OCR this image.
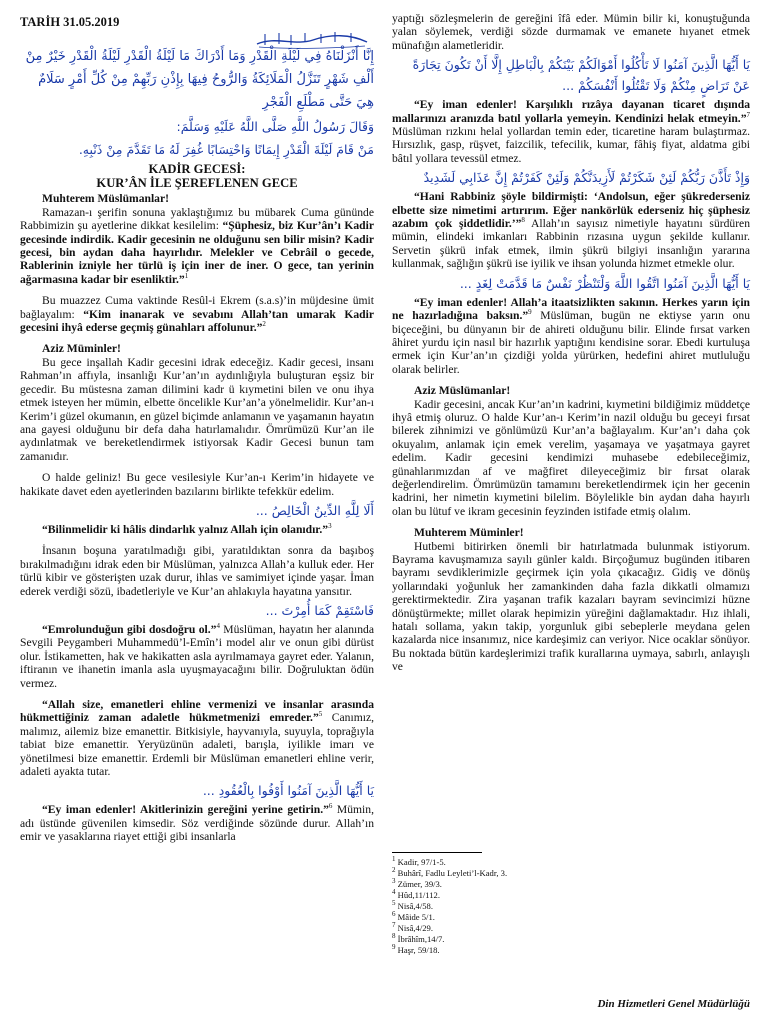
TARİH 31.05.2019

إِنَّا أَنْزَلْنَاهُ فِي لَيْلَةِ الْقَدْرِ وَمَا أَدْرَاكَ مَا لَيْلَةُ الْقَدْرِ لَيْلَةُ الْقَدْرِ خَيْرٌ مِنْ أَلْفِ شَهْرٍ تَنَزَّلُ الْمَلَائِكَةُ وَالرُّوحُ فِيهَا بِإِذْنِ رَبِّهِمْ مِنْ كُلِّ أَمْرٍ سَلَامٌ هِيَ حَتَّى مَطْلَعِ الْفَجْرِ

وَقَالَ رَسُولُ اللَّهِ صَلَّى اللَّهُ عَلَيْهِ وَسَلَّمَ:

مَنْ قَامَ لَيْلَةَ الْقَدْرِ إِيمَانًا وَاحْتِسَابًا غُفِرَ لَهُ مَا تَقَدَّمَ مِنْ ذَنْبِهِ.

KADİR GECESİ:

KUR’ÂN İLE ŞEREFLENEN GECE

Muhterem Müslümanlar!

Ramazan-ı şerifin sonuna yaklaştığımız bu mübarek Cuma gününde Rabbimizin şu ayetlerine dikkat kesilelim: “Şüphesiz, biz Kur’ân’ı Kadir gecesinde indirdik. Kadir gecesinin ne olduğunu sen bilir misin? Kadir gecesi, bin aydan daha hayırlıdır. Melekler ve Cebrâil o gecede, Rablerinin izniyle her türlü iş için iner de iner. O gece, tan yerinin ağarmasına kadar bir esenliktir.”$^1$

Bu muazzez Cuma vaktinde Resûl-i Ekrem (s.a.s)’in müjdesine ümit bağlayalım: “Kim inanarak ve sevabını Allah’tan umarak Kadir gecesini ihyâ ederse geçmiş günahları affolunur.”$^2$

Aziz Müminler!

Bu gece inşallah Kadir gecesini idrak edeceğiz. Kadir gecesi, insanı Rahman’ın affıyla, insanlığı Kur’an’ın aydınlığıyla buluşturan eşsiz bir gecedir. Bu müstesna zaman dilimini kadr ü kıymetini bilen ve onu ihya etmek isteyen her mümin, elbette öncelikle Kur’an’a yönelmelidir. Kur’an-ı Kerim’i güzel okumanın, en güzel biçimde anlamanın ve yaşamanın hayatın ana gayesi olduğunu bir defa daha hatırlamalıdır. Ömrümüzü Kur’an ile aydınlatmak ve bereketlendirmek istiyorsak Kadir Gecesi bunun tam zamanıdır.

O halde geliniz! Bu gece vesilesiyle Kur’an-ı Kerim’in hidayete ve hakikate davet eden ayetlerinden bazılarını birlikte tefekkür edelim.

أَلَا لِلَّهِ الدِّينُ الْخَالِصُ ...

“Bilinmelidir ki hâlis dindarlık yalnız Allah için olanıdır.”$^3$

İnsanın boşuna yaratılmadığı gibi, yaratıldıktan sonra da başıboş bırakılmadığını idrak eden bir Müslüman, yalnızca Allah’a kulluk eder. Her türlü kibir ve gösterişten uzak durur, ihlas ve samimiyet içinde yaşar. İman ederek verdiği sözü, ibadetleriyle ve Kur’an ahlakıyla hayatına yansıtır.

فَاسْتَقِمْ كَمَا أُمِرْتَ ...

“Emrolunduğun gibi dosdoğru ol.”$^4$ Müslüman, hayatın her alanında Sevgili Peygamberi Muhammedü’l-Emîn’i model alır ve onun gibi dürüst olur. İstikametten, hak ve hakikatten asla ayrılmamaya gayret eder. Yalanın, iftiranın ve ihanetin imanla asla uyuşmayacağını bilir. Doğruluktan ödün vermez.

“Allah size, emanetleri ehline vermenizi ve insanlar arasında hükmettiğiniz zaman adaletle hükmetmenizi emreder.”$^5$ Canımız, malımız, ailemiz bize emanettir. Bitkisiyle, hayvanıyla, suyuyla, toprağıyla tabiat bize emanettir. Yeryüzünün adaleti, barışla, iyilikle imarı ve yönetilmesi bize emanettir. Erdemli bir Müslüman emanetleri ehline verir, adaleti ayakta tutar.

يَا أَيُّهَا الَّذِينَ آمَنُوا أَوْفُوا بِالْعُقُودِ ...

“Ey iman edenler! Akitlerinizin gereğini yerine getirin.”$^6$ Mümin, adı üstünde güvenilen kimsedir. Söz verdiğinde sözünde durur. Allah’ın emir ve yasaklarına riayet ettiği gibi insanlarla

yaptığı sözleşmelerin de gereğini îfâ eder. Mümin bilir ki, konuştuğunda yalan söylemek, verdiği sözde durmamak ve emanete hıyanet etmek münafığın alametleridir.

يَا أَيُّهَا الَّذِينَ آمَنُوا لَا تَأْكُلُوا أَمْوَالَكُمْ بَيْنَكُمْ بِالْبَاطِلِ إِلَّا أَنْ تَكُونَ تِجَارَةً عَنْ تَرَاضٍ مِنْكُمْ وَلَا تَقْتُلُوا أَنْفُسَكُمْ ...

“Ey iman edenler! Karşılıklı rızâya dayanan ticaret dışında mallarınızı aranızda batıl yollarla yemeyin. Kendinizi helak etmeyin.”$^7$ Müslüman rızkını helal yollardan temin eder, ticaretine haram bulaştırmaz. Hırsızlık, gasp, rüşvet, faizcilik, tefecilik, kumar, fâhiş fiyat, aldatma gibi bâtıl yollara tevessül etmez.

وَإِذْ تَأَذَّنَ رَبُّكُمْ لَئِنْ شَكَرْتُمْ لَأَزِيدَنَّكُمْ وَلَئِنْ كَفَرْتُمْ إِنَّ عَذَابِي لَشَدِيدٌ

“Hani Rabbiniz şöyle bildirmişti: ‘Andolsun, eğer şükrederseniz elbette size nimetimi artırırım. Eğer nankörlük ederseniz hiç şüphesiz azabım çok şiddetlidir.’”$^8$ Allah’ın sayısız nimetiyle hayatını sürdüren mümin, elindeki imkanları Rabbinin rızasına uygun şekilde kullanır. Servetin şükrü infak etmek, ilmin şükrü bilgiyi insanlığın yararına kullanmak, sağlığın şükrü ise iyilik ve ihsan yolunda hizmet etmekle olur.

يَا أَيُّهَا الَّذِينَ آمَنُوا اتَّقُوا اللَّهَ وَلْتَنْظُرْ نَفْسٌ مَا قَدَّمَتْ لِغَدٍ ...

“Ey iman edenler! Allah’a itaatsizlikten sakının. Herkes yarın için ne hazırladığına baksın.”$^9$ Müslüman, bugün ne ektiyse yarın onu biçeceğini, bu dünyanın bir de ahireti olduğunu bilir. Elinde fırsat varken âhiret yurdu için nasıl bir hazırlık yaptığını kendisine sorar. Ebedi kurtuluşa ermek için Kur’an’ın çizdiği yolda yürürken, hedefini ahiret mutluluğu olarak belirler.

Aziz Müslümanlar!

Kadir gecesini, ancak Kur’an’ın kadrini, kıymetini bildiğimiz müddetçe ihyâ etmiş oluruz. O halde Kur’an-ı Kerim’in nazil olduğu bu geceyi fırsat bilerek zihnimizi ve gönlümüzü Kur’an’a bağlayalım. Kur’an’ı daha çok okuyalım, anlamak için emek verelim, yaşamaya ve yaşatmaya gayret edelim. Kadir gecesini kendimizi muhasebe edebileceğimiz, günahlarımızdan af ve mağfiret dileyeceğimiz bir fırsat olarak değerlendirelim. Ömrümüzün tamamını bereketlendirmek için her gecenin kadrini, her nimetin kıymetini bilelim. Böylelikle bin aydan daha hayırlı olan bu lütuf ve ikram gecesinin feyzinden istifade etmiş olalım.

Muhterem Müminler!

Hutbemi bitirirken önemli bir hatırlatmada bulunmak istiyorum. Bayrama kavuşmamıza sayılı günler kaldı. Birçoğumuz bugünden itibaren bayramı sevdiklerimizle geçirmek için yola çıkacağız. Gidiş ve dönüş yollarındaki yoğunluk her zamankinden daha fazla dikkatli olmamızı gerektirmektedir. Zira yaşanan trafik kazaları bayram sevincimizi hüzne dönüştürmekte; millet olarak hepimizin yüreğini dağlamaktadır. Hız ihlali, hatalı sollama, yakın takip, yorgunluk gibi sebeplerle meydana gelen kazalarda nice insanımız, nice kardeşimiz can veriyor. Nice ocaklar sönüyor. Bu noktada bütün kardeşlerimizi trafik kurallarına uymaya, sabırlı, anlayışlı ve

$^1$ Kadir, 97/1-5.
$^2$ Buhârî, Fadlu Leyleti’l-Kadr, 3.
$^3$ Zümer, 39/3.
$^4$ Hûd,11/112.
$^5$ Nisâ,4/58.
$^6$ Mâide 5/1.
$^7$ Nisâ,4/29.
$^8$ İbrâhîm,14/7.
$^9$ Haşr, 59/18.
Din Hizmetleri Genel Müdürlüğü
